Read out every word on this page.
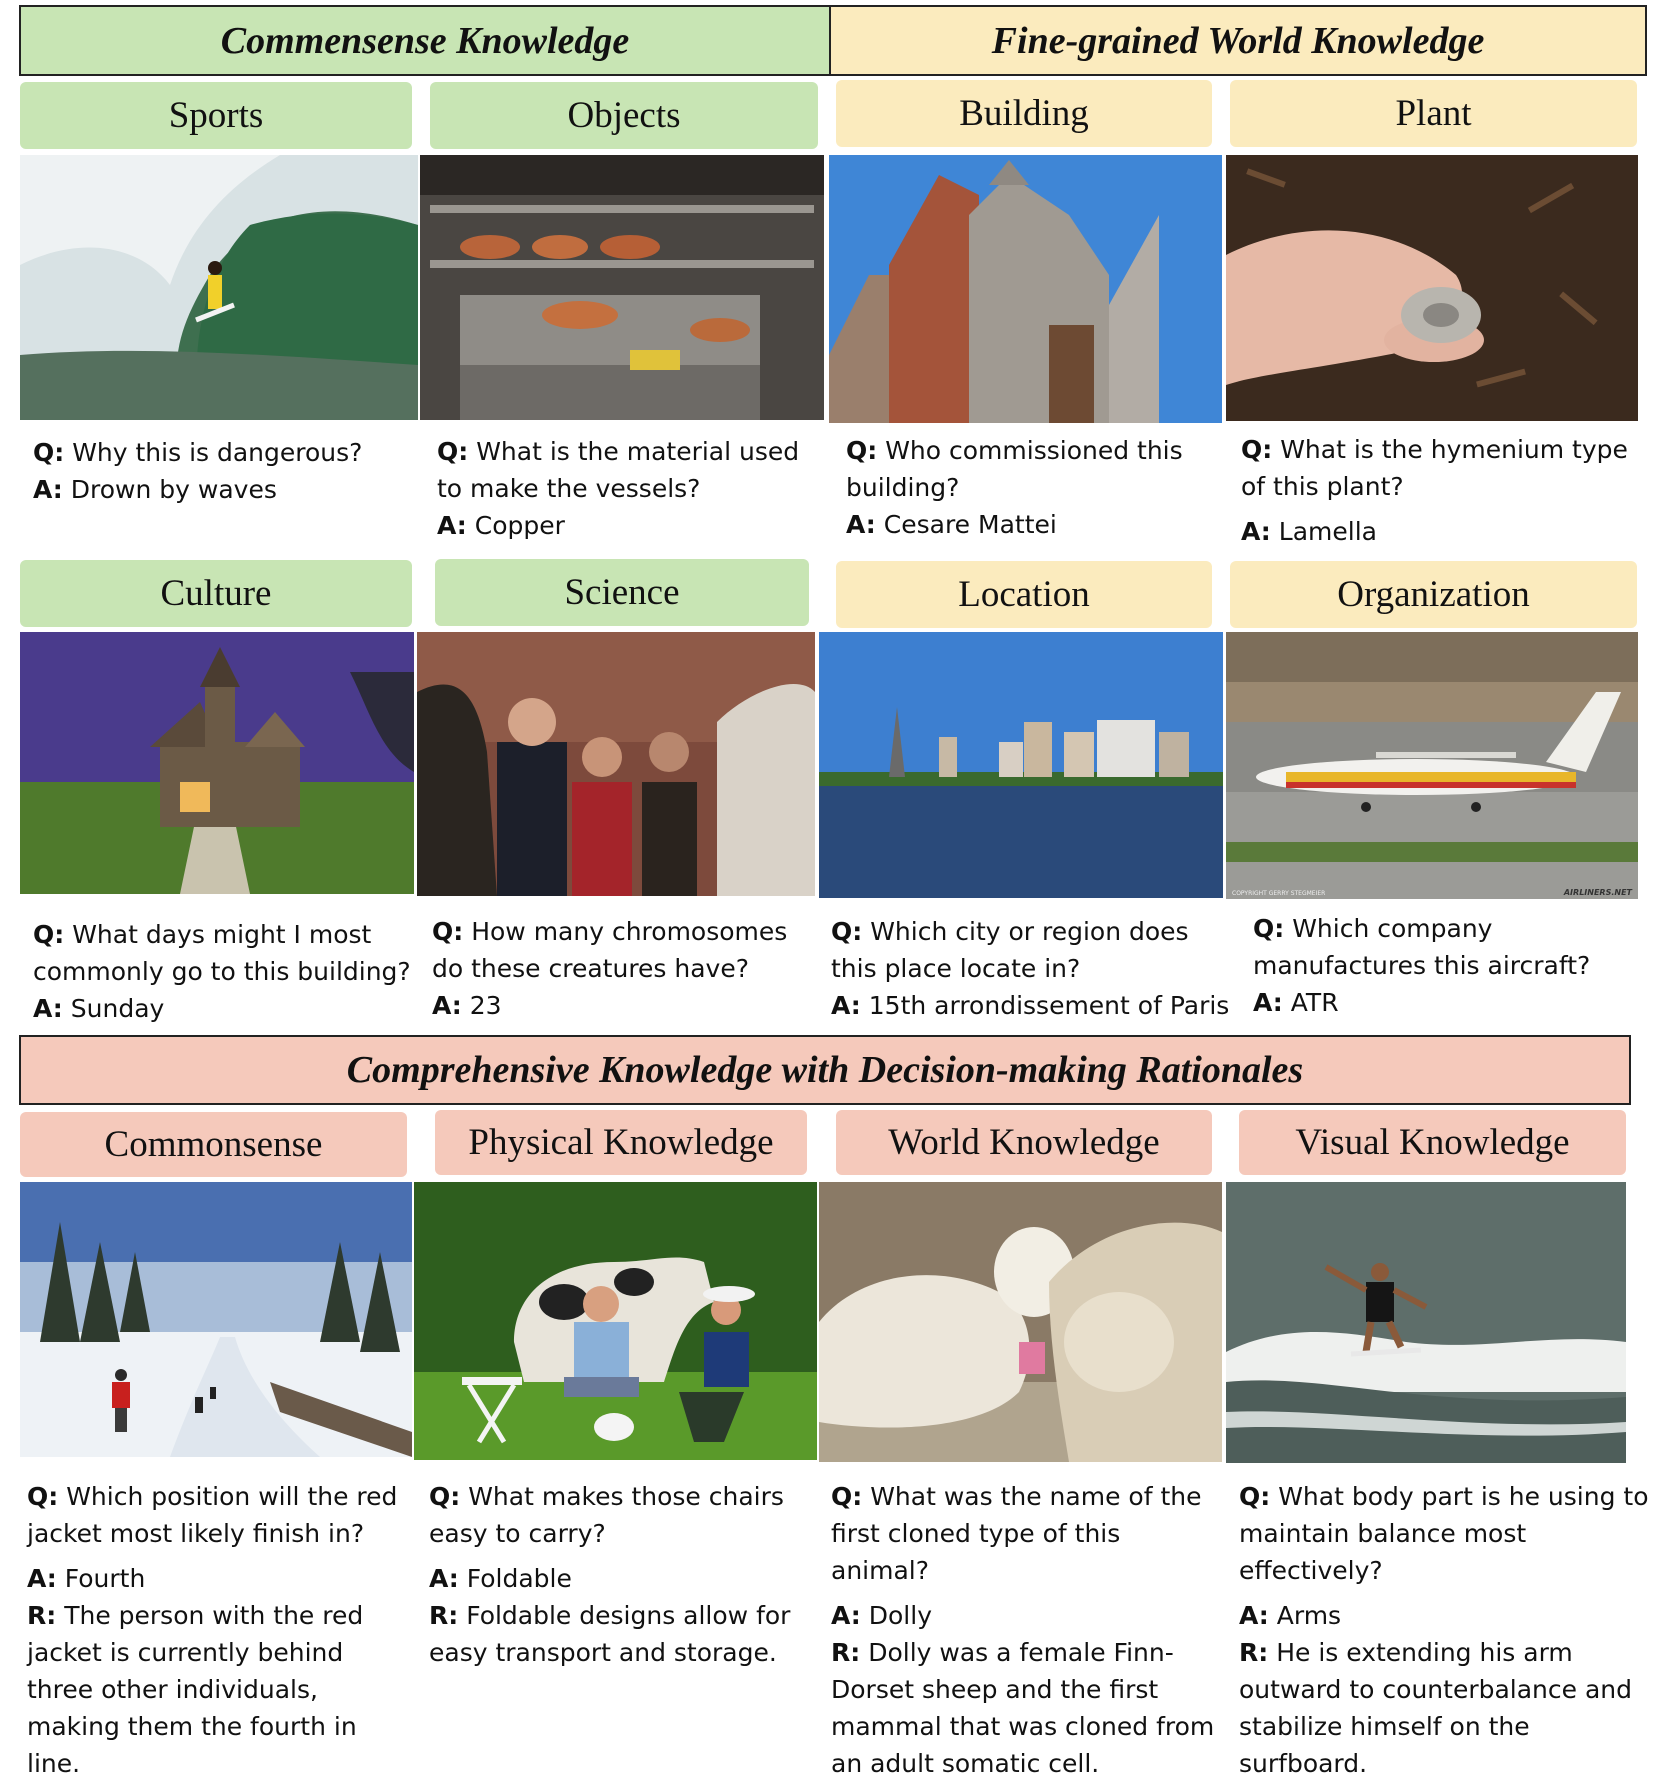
Commensense Knowledge	Fine-grained World Knowledge
Comprehensive Knowledge with Decision-making Rationales
Sports	Objects	Building	Plant

Q: Why this is dangerous?

A: Drown by waves

Q: What is the material used to make the vessels?

A: Copper

Q: Who commissioned this building?

A: Cesare Mattei

Q: What is the hymenium type of this plant?

A: Lamella

Culture	Science	Location	Organization
COPYRIGHT GERRY STEGMEIER	AIRLINERS.NET

Q: What days might I most commonly go to this building?

A: Sunday

Q: How many chromosomes do these creatures have?

A: 23

Q: Which city or region does this place locate in?

A: 15th arrondissement of Paris

Q: Which company manufactures this aircraft?

A: ATR

Commonsense	Physical Knowledge	World Knowledge	Visual Knowledge

Q: Which position will the red jacket most likely finish in?

A: Fourth

R: The person with the red jacket is currently behind three other individuals, making them the fourth in line.

Q: What makes those chairs easy to carry?

A: Foldable

R: Foldable designs allow for easy transport and storage.

Q: What was the name of the first cloned type of this animal?

A: Dolly

R: Dolly was a female Finn-Dorset sheep and the first mammal that was cloned from an adult somatic cell.

Q: What body part is he using to maintain balance most effectively?

A: Arms

R: He is extending his arm outward to counterbalance and stabilize himself on the surfboard.
